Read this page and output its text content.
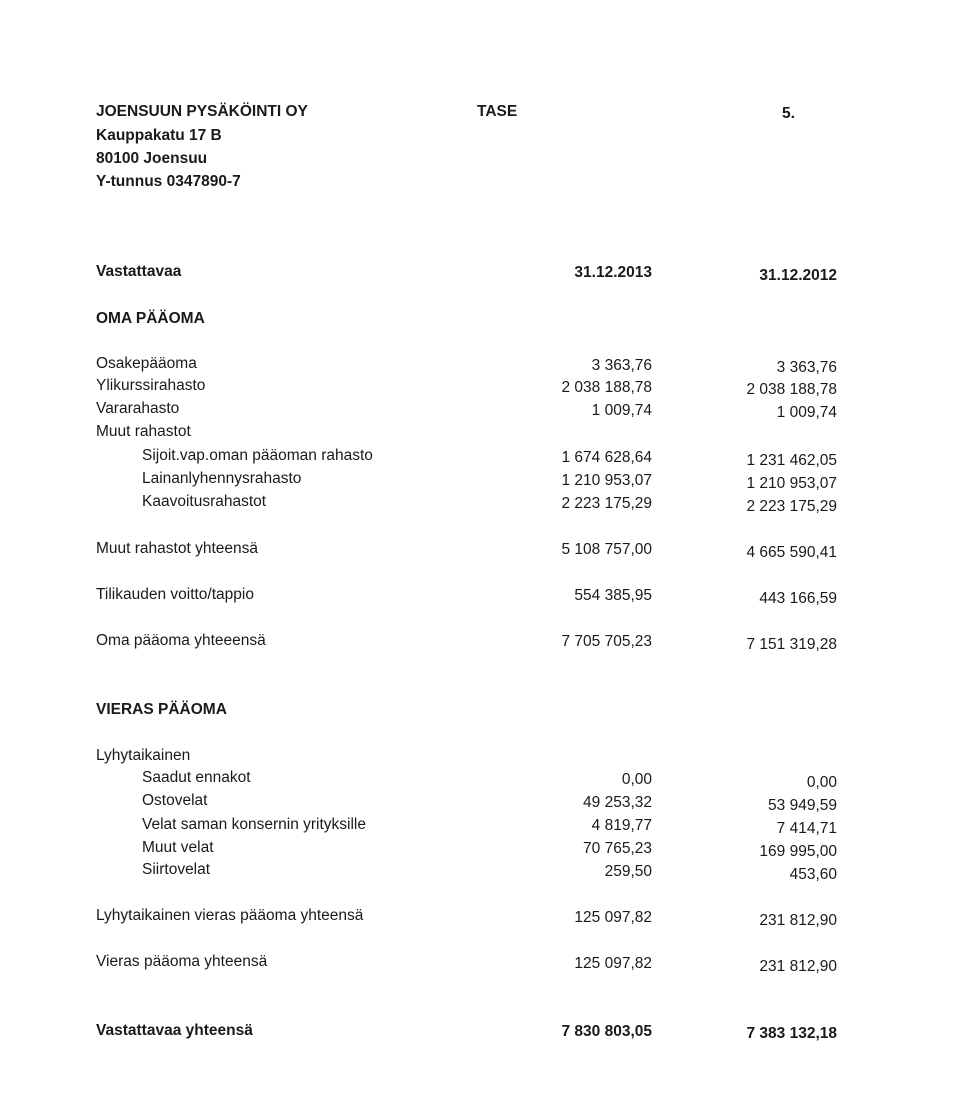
JOENSUUN PYSÄKÖINTI OY
Kauppakatu 17 B
80100 Joensuu
Y-tunnus 0347890-7
TASE	5.
Vastattavaa	31.12.2013	31.12.2012
OMA PÄÄOMA
Osakepääoma	3 363,76	3 363,76
Ylikurssirahasto	2 038 188,78	2 038 188,78
Vararahasto	1 009,74	1 009,74
Muut rahastot
Sijoit.vap.oman pääoman rahasto	1 674 628,64	1 231 462,05
Lainanlyhennysrahasto	1 210 953,07	1 210 953,07
Kaavoitusrahastot	2 223 175,29	2 223 175,29
Muut rahastot yhteensä	5 108 757,00	4 665 590,41
Tilikauden voitto/tappio	554 385,95	443 166,59
Oma pääoma yhteeensä	7 705 705,23	7 151 319,28
VIERAS PÄÄOMA
Lyhytaikainen
Saadut ennakot	0,00	0,00
Ostovelat	49 253,32	53 949,59
Velat saman konsernin yrityksille	4 819,77	7 414,71
Muut velat	70 765,23	169 995,00
Siirtovelat	259,50	453,60
Lyhytaikainen vieras pääoma yhteensä	125 097,82	231 812,90
Vieras pääoma yhteensä	125 097,82	231 812,90
Vastattavaa yhteensä	7 830 803,05	7 383 132,18
